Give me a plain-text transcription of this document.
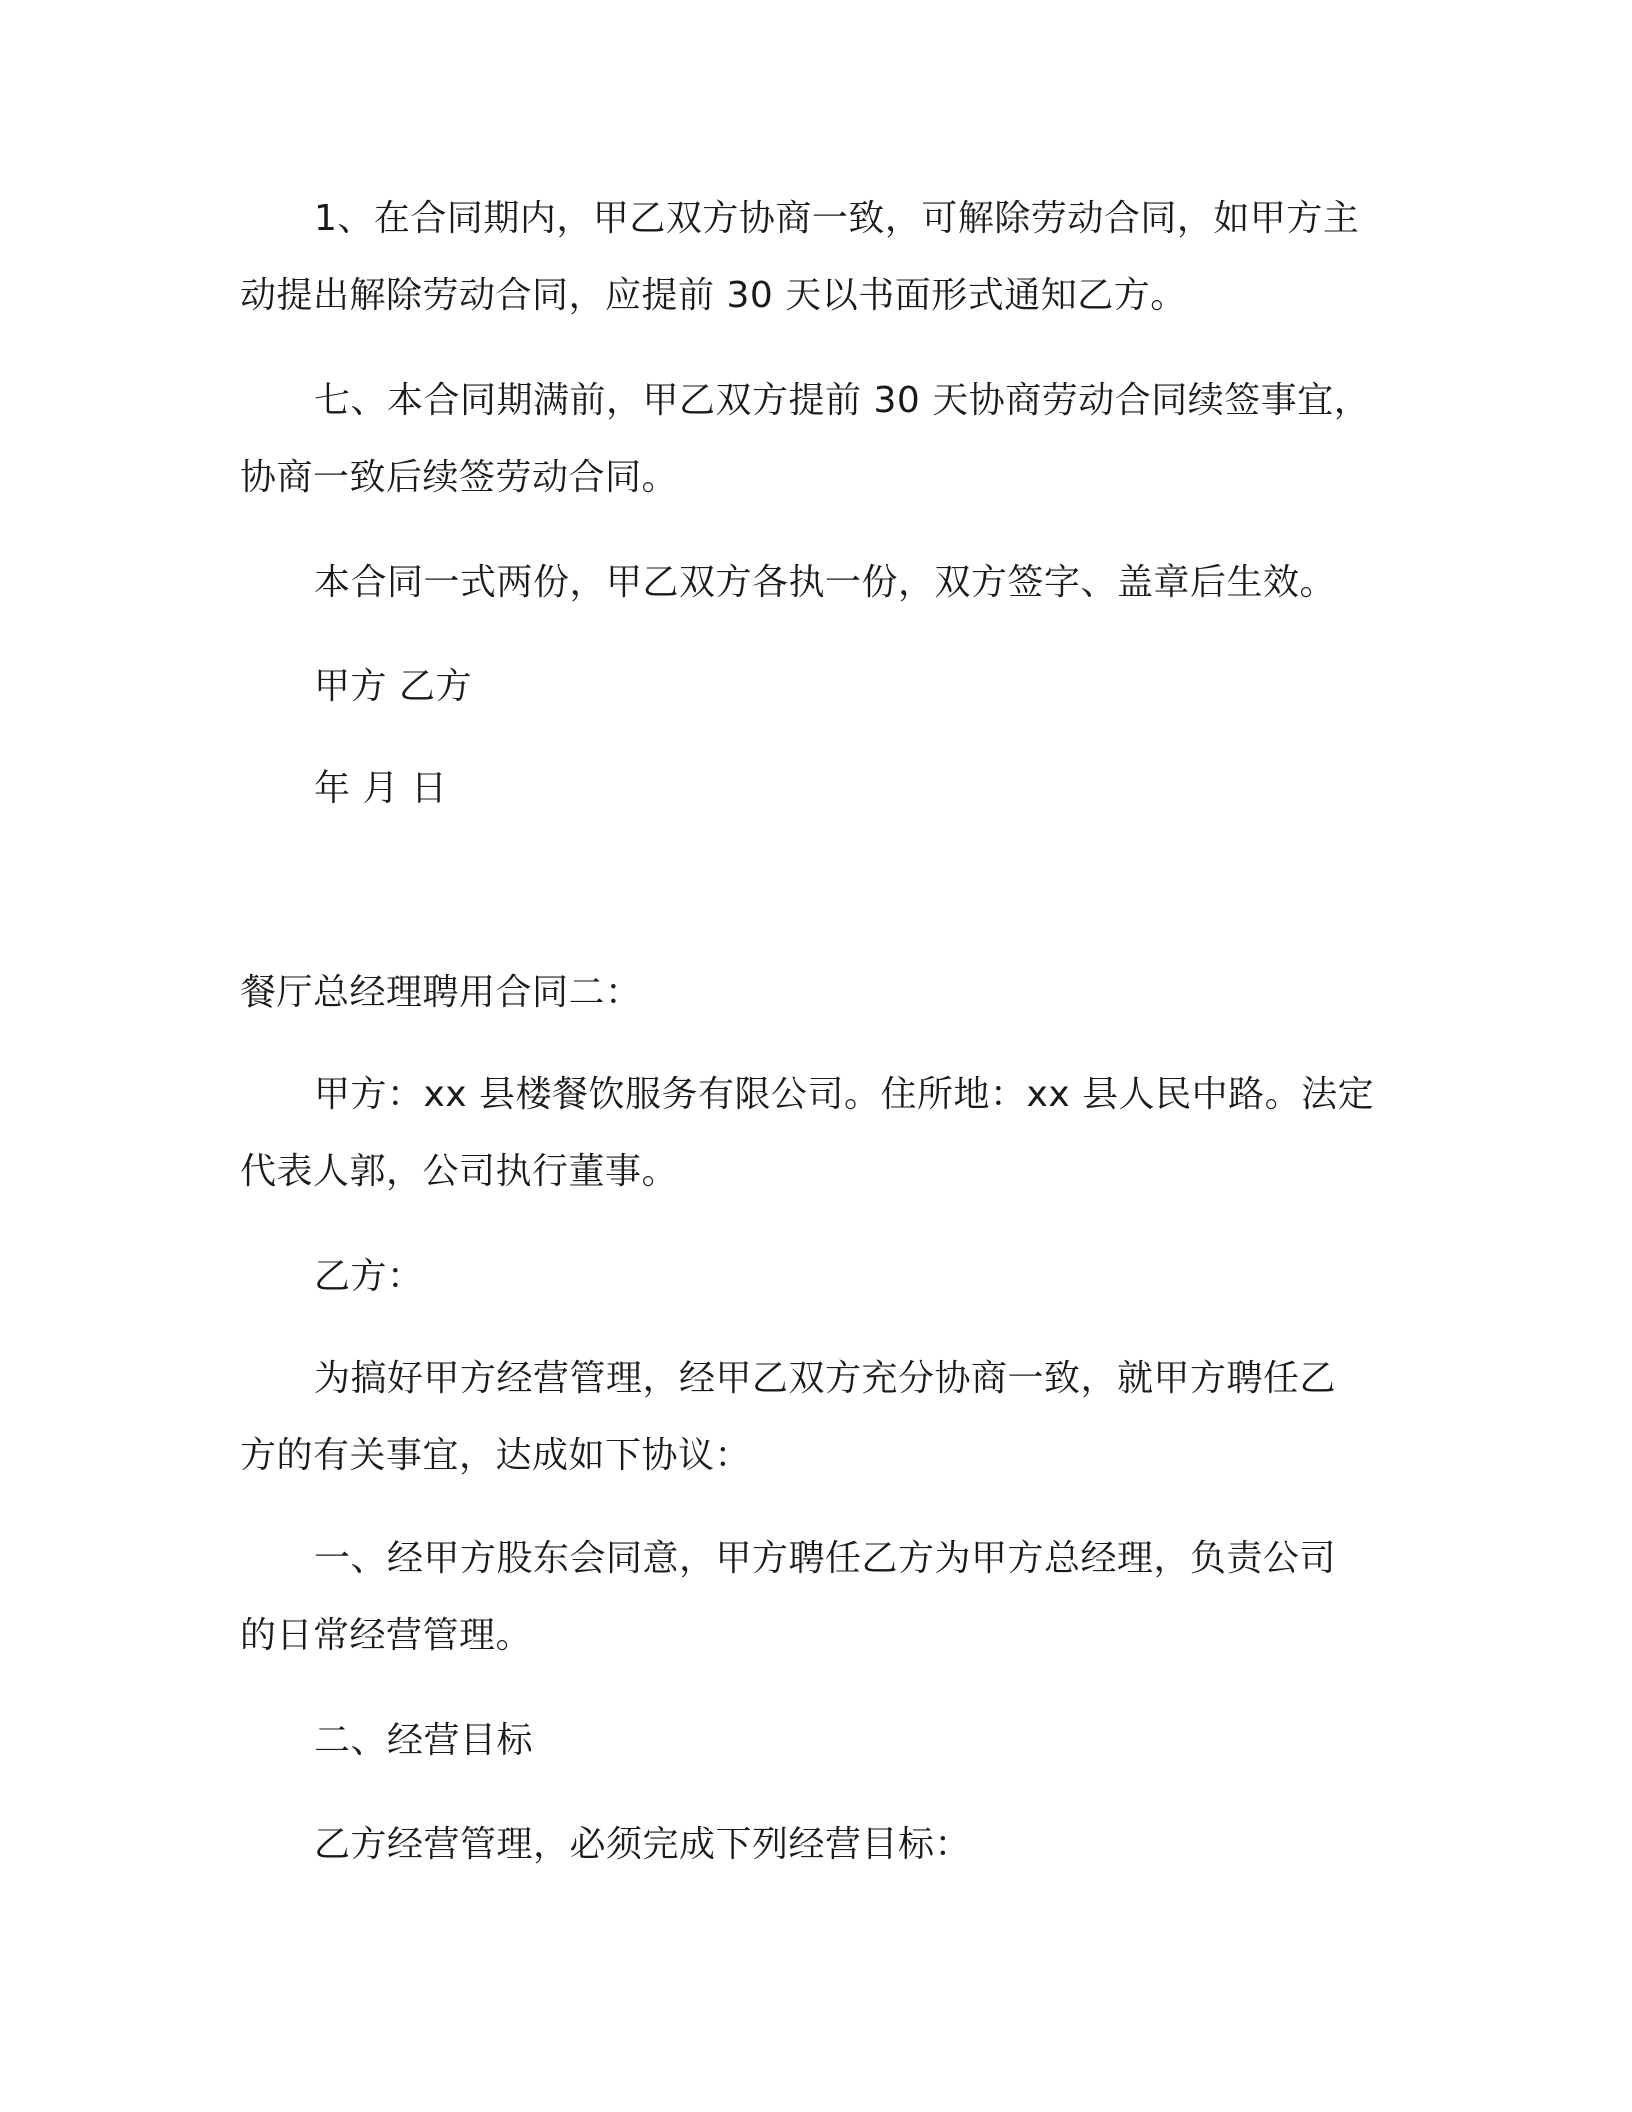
1、在合同期内，甲乙双方协商一致，可解除劳动合同，如甲方主
动提出解除劳动合同，应提前 30 天以书面形式通知乙方。

七、本合同期满前，甲乙双方提前 30 天协商劳动合同续签事宜，
协商一致后续签劳动合同。

本合同一式两份，甲乙双方各执一份，双方签字、盖章后生效。

甲方 乙方

年 月 日

餐厅总经理聘用合同二：

甲方：xx 县楼餐饮服务有限公司。住所地：xx 县人民中路。法定
代表人郭，公司执行董事。

乙方：

为搞好甲方经营管理，经甲乙双方充分协商一致，就甲方聘任乙
方的有关事宜，达成如下协议：

一、经甲方股东会同意，甲方聘任乙方为甲方总经理，负责公司
的日常经营管理。

二、经营目标

乙方经营管理，必须完成下列经营目标：
